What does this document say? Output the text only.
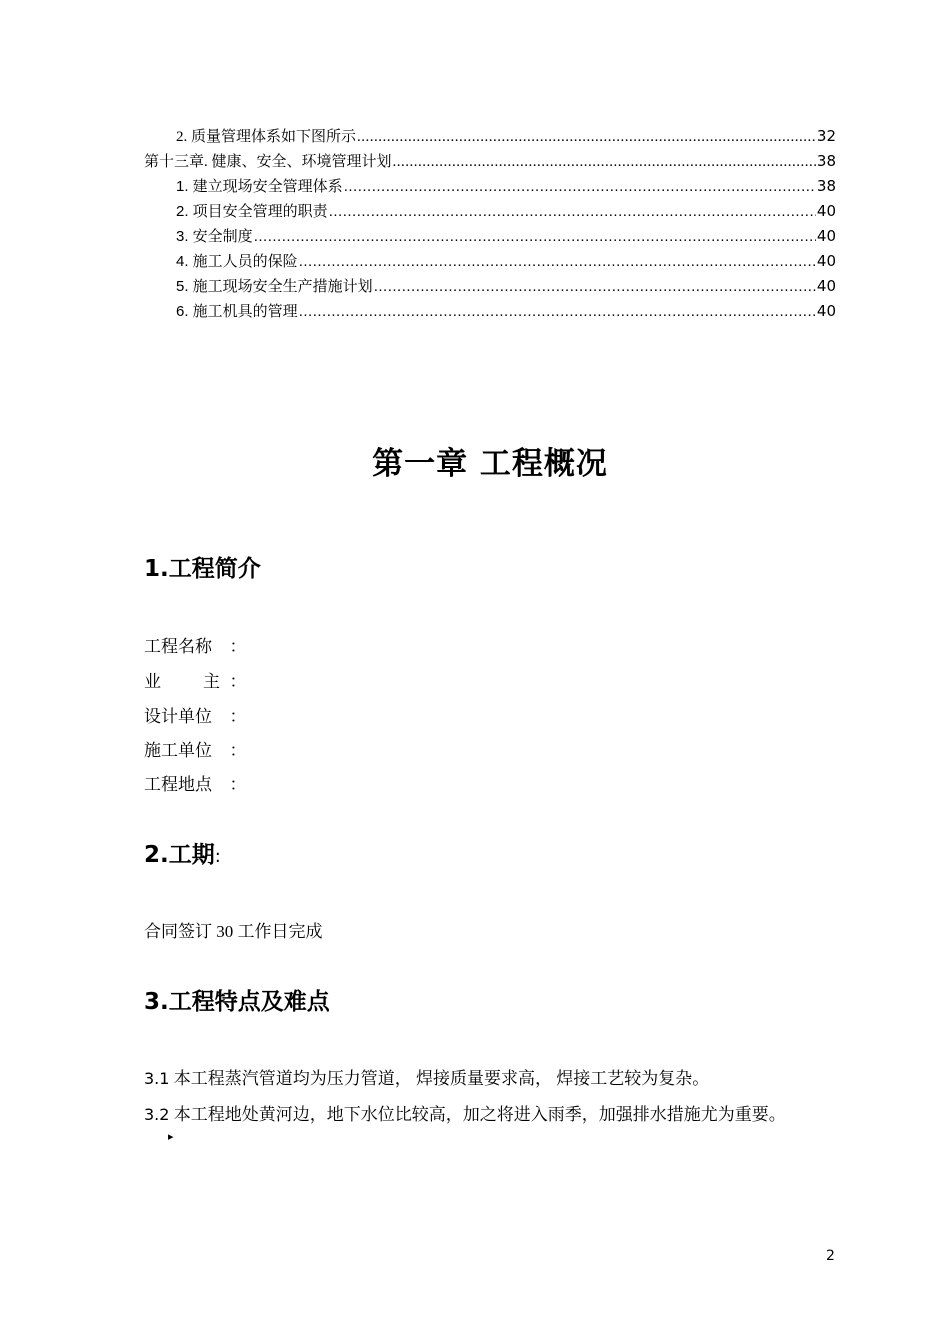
2. 质量管理体系如下图所示 .....	32
第十三章. 健康、安全、环境管理计划 .....	38
1. 建立现场安全管理体系 .....	38
2. 项目安全管理的职责 .....	40
3. 安全制度 .....	40
4. 施工人员的保险 .....	40
5. 施工现场安全生产措施计划 .....	40
6. 施工机具的管理 .....	40
第一章 工程概况
1.工程简介
工程名称	：
业 主 ：
设计单位	：
施工单位	：
工程地点	：
2.工期:
合同签订 30 工作日完成
3.工程特点及难点
3.1 本工程蒸汽管道均为压力管道， 焊接质量要求高， 焊接工艺较为复杂。
3.2 本工程地处黄河边，地下水位比较高，加之将进入雨季，加强排水措施尤为重要。
▸
2
